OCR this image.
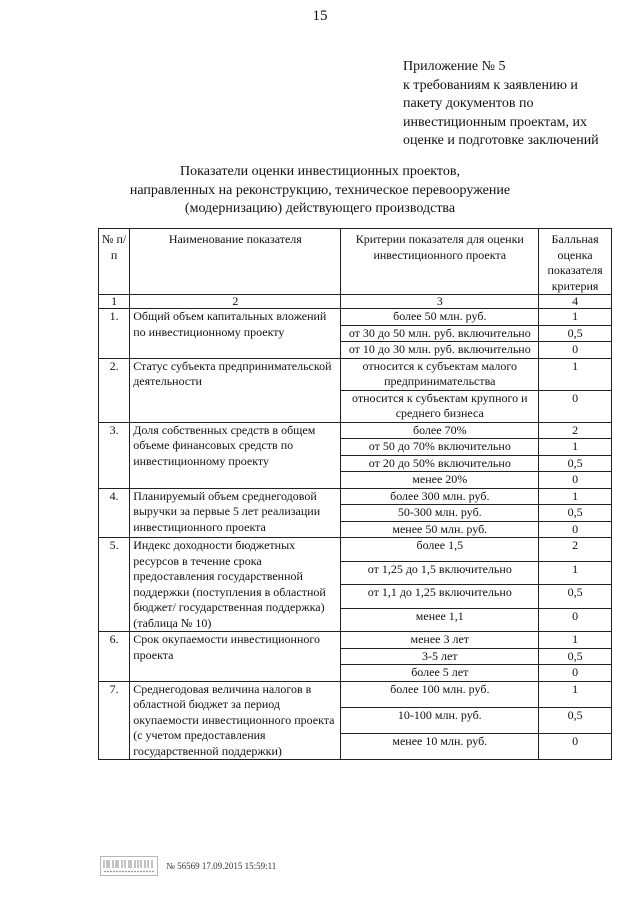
15
Приложение № 5
к требованиям к заявлению и
пакету документов по
инвестиционным проектам, их
оценке и подготовке заключений
Показатели оценки инвестиционных проектов,
направленных на реконструкцию, техническое перевооружение
(модернизацию) действующего производства
№ п/п	Наименование показателя	Критерии показателя для оценки инвестиционного проекта	Балльная оценка показателя критерия
1	2	3	4
1.	Общий объем капитальных вложений по инвестиционному проекту	более 50 млн. руб.	1
		от 30 до 50 млн. руб. включительно	0,5
		от 10 до 30 млн. руб. включительно	0
2.	Статус субъекта предпринимательской деятельности	относится к субъектам малого предпринимательства	1
		относится к субъектам крупного и среднего бизнеса	0
3.	Доля собственных средств в общем объеме финансовых средств по инвестиционному проекту	более 70%	2
		от 50 до 70% включительно	1
		от 20 до 50% включительно	0,5
		менее 20%	0
4.	Планируемый объем среднегодовой выручки за первые 5 лет реализации инвестиционного проекта	более 300 млн. руб.	1
		50-300 млн. руб.	0,5
		менее 50 млн. руб.	0
5.	Индекс доходности бюджетных ресурсов в течение срока предоставления государственной поддержки (поступления в областной бюджет/ государственная поддержка) (таблица № 10)	более 1,5	2
		от 1,25 до 1,5 включительно	1
		от 1,1 до 1,25 включительно	0,5
		менее 1,1	0
6.	Срок окупаемости инвестиционного проекта	менее 3 лет	1
		3-5 лет	0,5
		более 5 лет	0
7.	Среднегодовая величина налогов в областной бюджет за период окупаемости инвестиционного проекта (с учетом предоставления государственной поддержки)	более 100 млн. руб.	1
		10-100 млн. руб.	0,5
		менее 10 млн. руб.	0
№ 56569 17.09.2015 15:59:11
